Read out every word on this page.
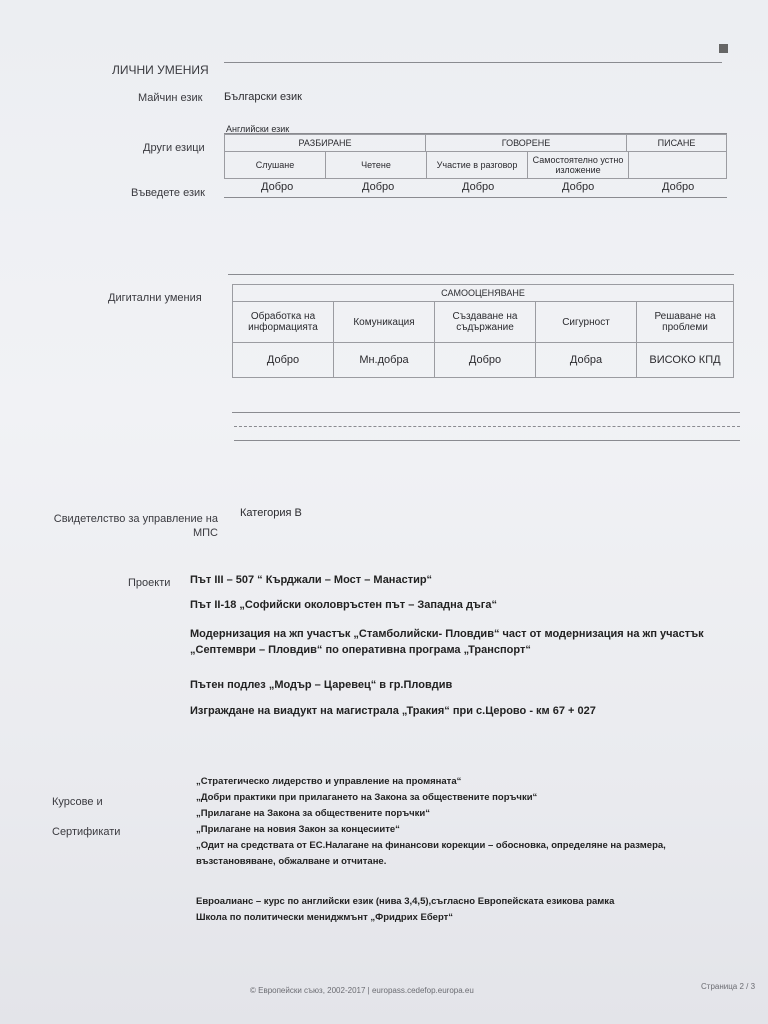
ЛИЧНИ УМЕНИЯ
Майчин език Български език
Други езици
Английски език
РАЗБИРАНЕ	ГОВОРЕНЕ	ПИСАНЕ
Слушане	Четене	Участие в разговор	Самостоятелно устно изложение	
Въведете език	Добро	Добро	Добро	Добро	Добро
Дигитални умения	САМООЦЕНЯВАНЕ				
Обработка на информацията	Комуникация	Създаване на съдържание	Сигурност	Решаване на проблеми
Добро	Мн.добра	Добро	Добра	ВИСОКО КПД
Свидетелство за управление на
МПС
Категория В
Проекти Път III – 507 “ Кърджали – Мост – Манастир“
Път II-18 „Софийски околовръстен път – Западна дъга“
Модернизация на жп участък „Стамболийски- Пловдив“ част от модернизация на жп участък
„Септември – Пловдив“ по оперативна програма „Транспорт“
Пътен подлез „Модър – Царевец“ в гр.Пловдив
Изграждане на виадукт на магистрала „Тракия“ при с.Церово - км 67 + 027
Курсове и
Сертификати
„Стратегическо лидерство и управление на промяната“
„Добри практики при прилагането на Закона за обществените поръчки“
„Прилагане на Закона за обществените поръчки“
„Прилагане на новия Закон за концесиите“
„Одит на средствата от ЕС.Налагане на финансови корекции – обосновка, определяне на размера,
възстановяване, обжалване и отчитане.
Евроалианс – курс по английски език (нива 3,4,5),съгласно Европейската езикова рамка
Школа по политически мениджмънт „Фридрих Еберт“
© Европейски съюз, 2002-2017 | europass.cedefop.europa.eu	Страница 2 / 3
